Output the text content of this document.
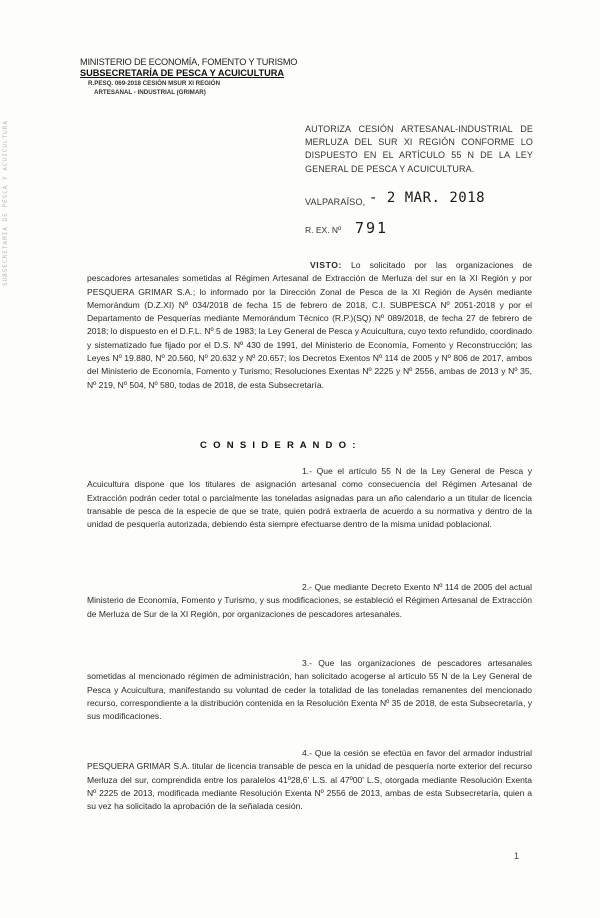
SUBSECRETARIA DE PESCA Y ACUICULTURA
MINISTERIO DE ECONOMÍA, FOMENTO Y TURISMO
SUBSECRETARÍA DE PESCA Y ACUICULTURA
R.PESQ. 069-2018 CESIÓN MSUR XI REGIÓN
ARTESANAL - INDUSTRIAL (GRIMAR)
AUTORIZA CESIÓN ARTESANAL-INDUSTRIAL DE MERLUZA DEL SUR XI REGIÓN CONFORME LO DISPUESTO EN EL ARTÍCULO 55 N DE LA LEY GENERAL DE PESCA Y ACUICULTURA.
VALPARAÍSO, - 2 MAR. 2018
R. EX. Nº 791

VISTO: Lo solicitado por las organizaciones de pescadores artesanales sometidas al Régimen Artesanal de Extracción de Merluza del sur en la XI Región y por PESQUERA GRIMAR S.A.; lo informado por la Dirección Zonal de Pesca de la XI Región de Aysén mediante Memorándum (D.Z.XI) Nº 034/2018 de fecha 15 de febrero de 2018, C.I. SUBPESCA Nº 2051-2018 y por el Departamento de Pesquerías mediante Memorándum Técnico (R.P.)(SQ) Nº 089/2018, de fecha 27 de febrero de 2018; lo dispuesto en el D.F.L. Nº 5 de 1983; la Ley General de Pesca y Acuicultura, cuyo texto refundido, coordinado y sistematizado fue fijado por el D.S. Nº 430 de 1991, del Ministerio de Economía, Fomento y Reconstrucción; las Leyes Nº 19.880, Nº 20.560, Nº 20.632 y Nº 20.657; los Decretos Exentos Nº 114 de 2005 y Nº 806 de 2017, ambos del Ministerio de Economía, Fomento y Turismo; Resoluciones Exentas Nº 2225 y Nº 2556, ambas de 2013 y Nº 35, Nº 219, Nº 504, Nº 580, todas de 2018, de esta Subsecretaría.

C O N S I D E R A N D O :

1.- Que el artículo 55 N de la Ley General de Pesca y Acuicultura dispone que los titulares de asignación artesanal como consecuencia del Régimen Artesanal de Extracción podrán ceder total o parcialmente las toneladas asignadas para un año calendario a un titular de licencia transable de pesca de la especie de que se trate, quien podrá extraerla de acuerdo a su normativa y dentro de la unidad de pesquería autorizada, debiendo ésta siempre efectuarse dentro de la misma unidad poblacional.

2.- Que mediante Decreto Exento Nº 114 de 2005 del actual Ministerio de Economía, Fomento y Turismo, y sus modificaciones, se estableció el Régimen Artesanal de Extracción de Merluza de Sur de la XI Región, por organizaciones de pescadores artesanales.

3.- Que las organizaciones de pescadores artesanales sometidas al mencionado régimen de administración, han solicitado acogerse al artículo 55 N de la Ley General de Pesca y Acuicultura, manifestando su voluntad de ceder la totalidad de las toneladas remanentes del mencionado recurso, correspondiente a la distribución contenida en la Resolución Exenta Nº 35 de 2018, de esta Subsecretaría, y sus modificaciones.

4.- Que la cesión se efectúa en favor del armador industrial PESQUERA GRIMAR S.A. titular de licencia transable de pesca en la unidad de pesquería norte exterior del recurso Merluza del sur, comprendida entre los paralelos 41º28,6' L.S. al 47º00' L.S, otorgada mediante Resolución Exenta Nº 2225 de 2013, modificada mediante Resolución Exenta Nº 2556 de 2013, ambas de esta Subsecretaría, quien a su vez ha solicitado la aprobación de la señalada cesión.

1
